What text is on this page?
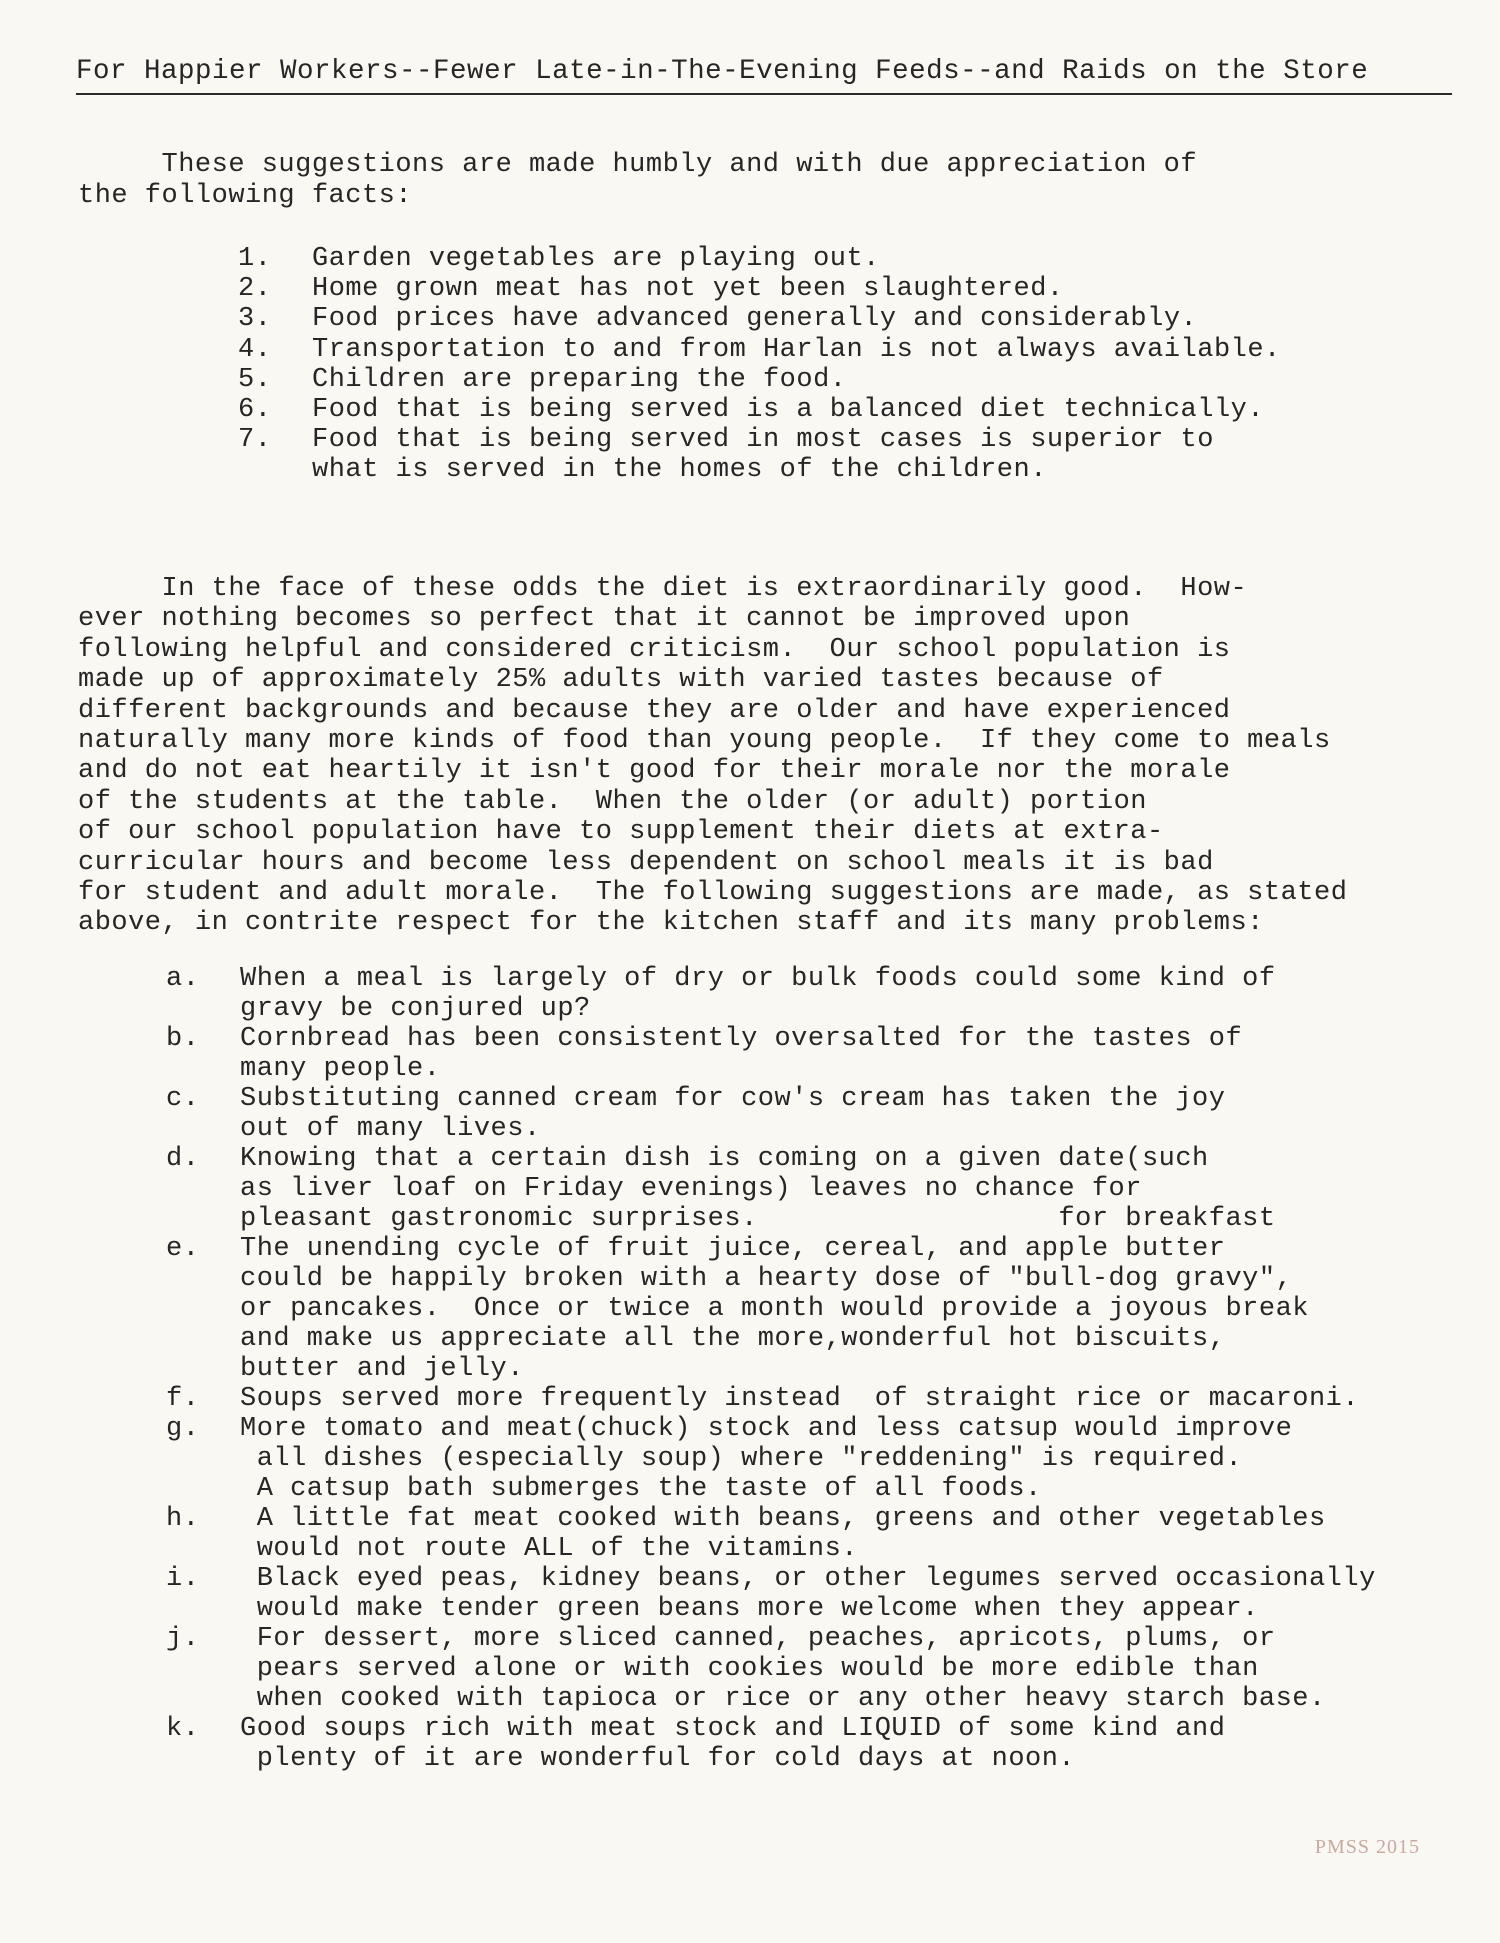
For Happier Workers--Fewer Late-in-The-Evening Feeds--and Raids on the Store
These suggestions are made humbly and with due appreciation of
the following facts:
1.	Garden vegetables are playing out.
2.	Home grown meat has not yet been slaughtered.
3.	Food prices have advanced generally and considerably.
4.	Transportation to and from Harlan is not always available.
5.	Children are preparing the food.
6.	Food that is being served is a balanced diet technically.
7.	Food that is being served in most cases is superior to
what is served in the homes of the children.
In the face of these odds the diet is extraordinarily good.  How-
ever nothing becomes so perfect that it cannot be improved upon
following helpful and considered criticism.  Our school population is
made up of approximately 25% adults with varied tastes because of
different backgrounds and because they are older and have experienced
naturally many more kinds of food than young people.  If they come to meals
and do not eat heartily it isn't good for their morale nor the morale
of the students at the table.  When the older (or adult) portion
of our school population have to supplement their diets at extra-
curricular hours and become less dependent on school meals it is bad
for student and adult morale.  The following suggestions are made, as stated
above, in contrite respect for the kitchen staff and its many problems:
a.	When a meal is largely of dry or bulk foods could some kind of
gravy be conjured up?
b.	Cornbread has been consistently oversalted for the tastes of
many people.
c.	Substituting canned cream for cow's cream has taken the joy
out of many lives.
d.	Knowing that a certain dish is coming on a given date(such
as liver loaf on Friday evenings) leaves no chance for
pleasant gastronomic surprises.                  for breakfast
e.	The unending cycle of fruit juice, cereal, and apple butter
could be happily broken with a hearty dose of "bull-dog gravy",
or pancakes.  Once or twice a month would provide a joyous break
and make us appreciate all the more,wonderful hot biscuits,
butter and jelly.
f.	Soups served more frequently instead  of straight rice or macaroni.
g.	More tomato and meat(chuck) stock and less catsup would improve
all dishes (especially soup) where "reddening" is required.
A catsup bath submerges the taste of all foods.
h.	A little fat meat cooked with beans, greens and other vegetables
would not route ALL of the vitamins.
i.	Black eyed peas, kidney beans, or other legumes served occasionally
would make tender green beans more welcome when they appear.
j.	For dessert, more sliced canned, peaches, apricots, plums, or
pears served alone or with cookies would be more edible than
when cooked with tapioca or rice or any other heavy starch base.
k.	Good soups rich with meat stock and LIQUID of some kind and
plenty of it are wonderful for cold days at noon.
PMSS 2015
